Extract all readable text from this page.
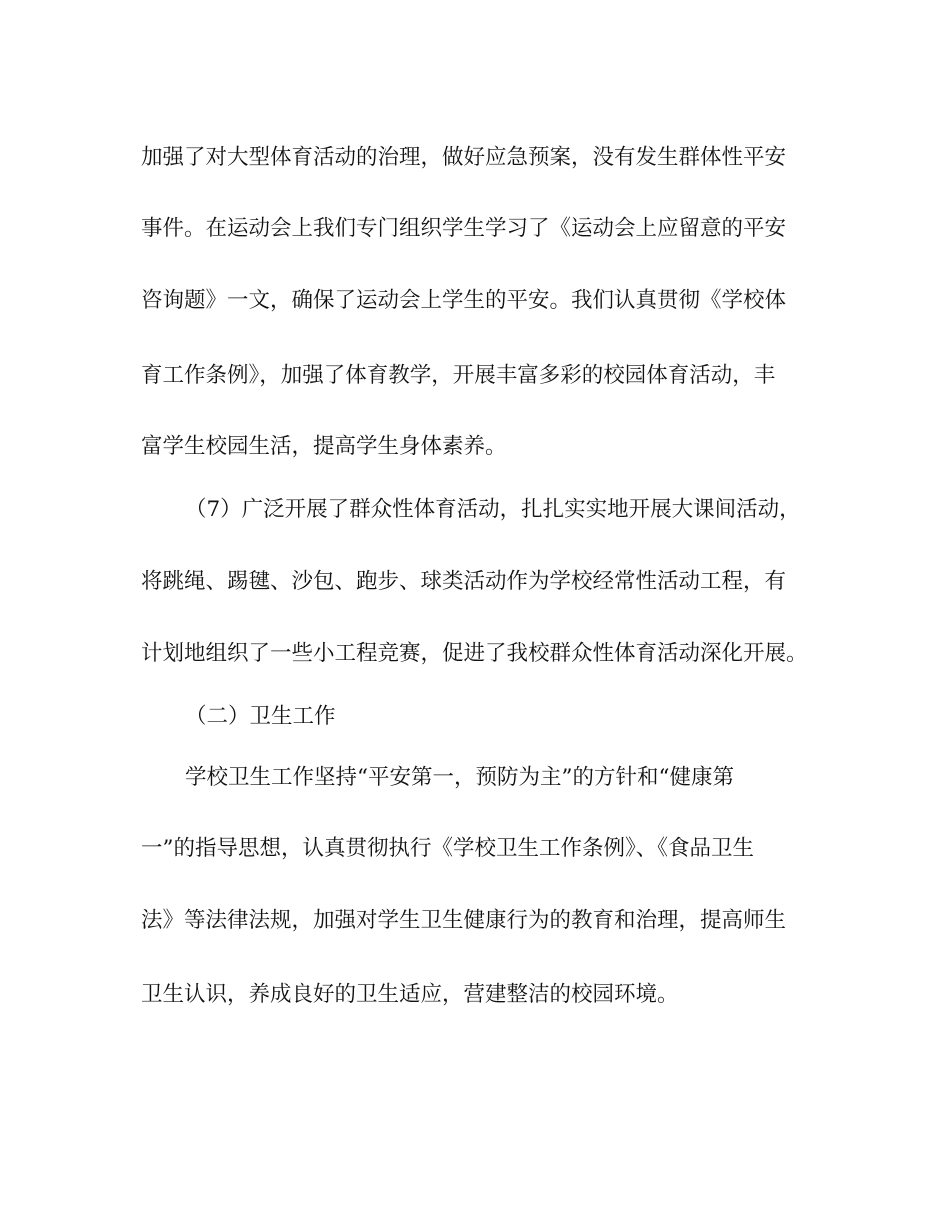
加强了对大型体育活动的治理，做好应急预案，没有发生群体性平安
事件。在运动会上我们专门组织学生学习了《运动会上应留意的平安
咨询题》一文，确保了运动会上学生的平安。我们认真贯彻《学校体
育工作条例》，加强了体育教学，开展丰富多彩的校园体育活动，丰
富学生校园生活，提高学生身体素养。
（7）广泛开展了群众性体育活动，扎扎实实地开展大课间活动，
将跳绳、踢毽、沙包、跑步、球类活动作为学校经常性活动工程，有
计划地组织了一些小工程竞赛，促进了我校群众性体育活动深化开展。
（二）卫生工作
学校卫生工作坚持“平安第一，预防为主”的方针和“健康第
一”的指导思想，认真贯彻执行《学校卫生工作条例》、《食品卫生
法》等法律法规，加强对学生卫生健康行为的教育和治理，提高师生
卫生认识，养成良好的卫生适应，营建整洁的校园环境。
